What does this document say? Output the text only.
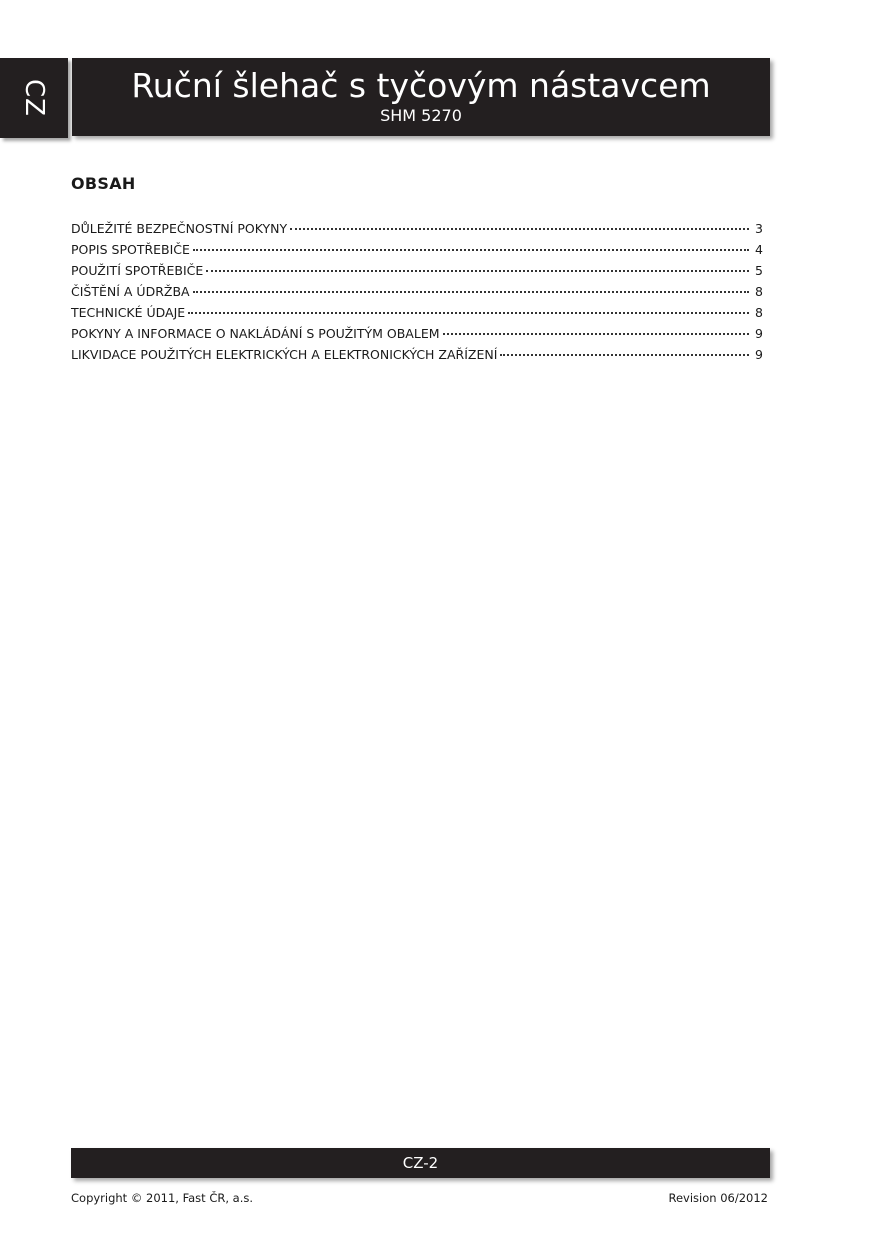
CZ	Ruční šlehač s tyčovým nástavcem
SHM 5270
OBSAH
DŮLEŽITÉ BEZPEČNOSTNÍ POKYNY	3
POPIS SPOTŘEBIČE	4
POUŽITÍ SPOTŘEBIČE	5
ČIŠTĚNÍ A ÚDRŽBA	8
TECHNICKÉ ÚDAJE	8
POKYNY A INFORMACE O NAKLÁDÁNÍ S POUŽITÝM OBALEM	9
LIKVIDACE POUŽITÝCH ELEKTRICKÝCH A ELEKTRONICKÝCH ZAŘÍZENÍ	9
CZ-2
Copyright © 2011, Fast ČR, a.s.	Revision 06/2012
